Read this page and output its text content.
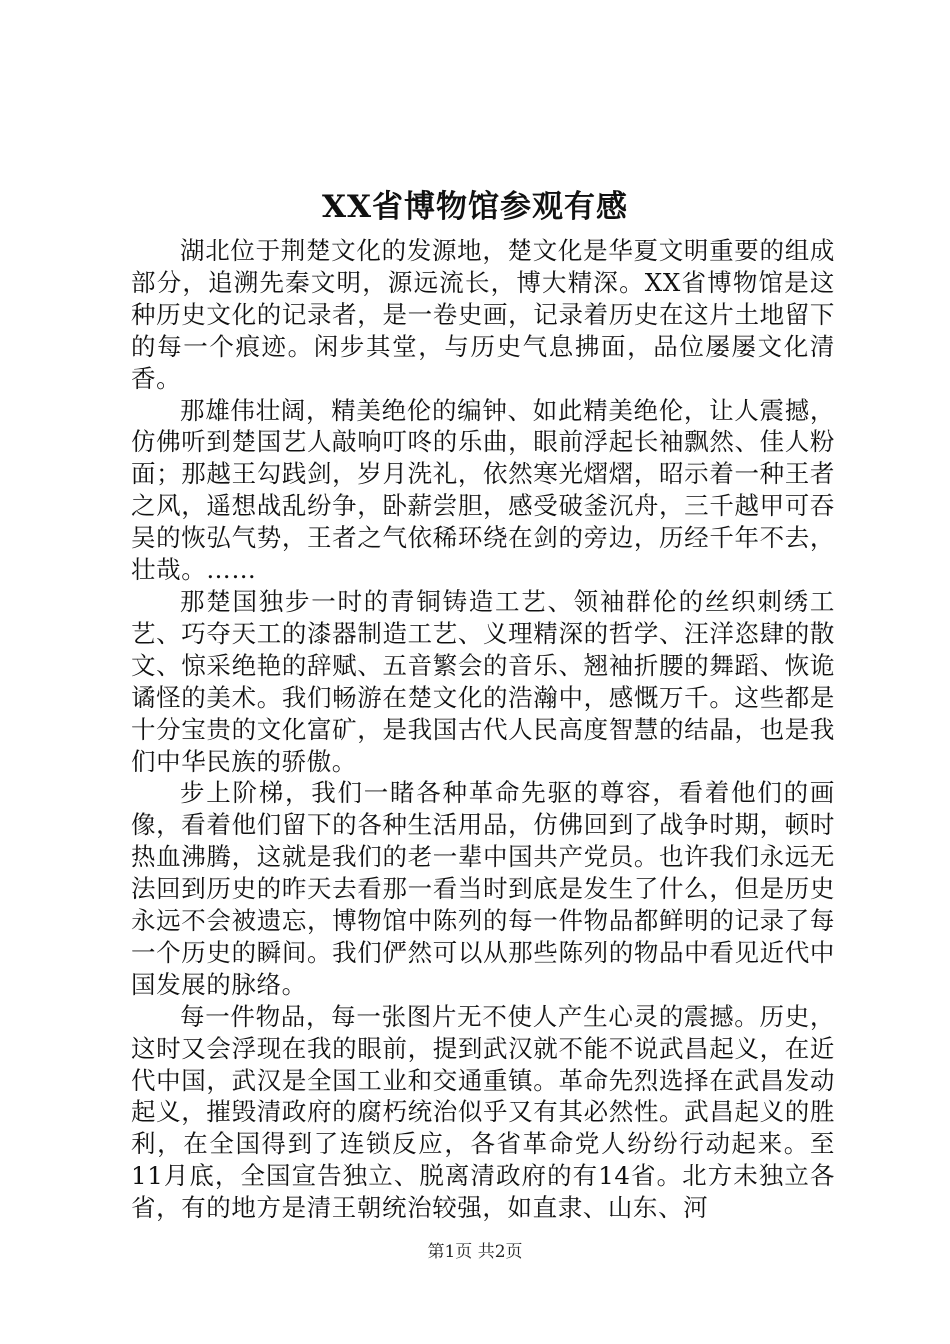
XX省博物馆参观有感

湖北位于荆楚文化的发源地，楚文化是华夏文明重要的组成部分，追溯先秦文明，源远流长，博大精深。XX省博物馆是这种历史文化的记录者，是一卷史画，记录着历史在这片土地留下的每一个痕迹。闲步其堂，与历史气息拂面，品位屡屡文化清香。

那雄伟壮阔，精美绝伦的编钟、如此精美绝伦，让人震撼，仿佛听到楚国艺人敲响叮咚的乐曲，眼前浮起长袖飘然、佳人粉面；那越王勾践剑，岁月洗礼，依然寒光熠熠，昭示着一种王者之风，遥想战乱纷争，卧薪尝胆，感受破釜沉舟，三千越甲可吞吴的恢弘气势，王者之气依稀环绕在剑的旁边，历经千年不去，壮哉。……

那楚国独步一时的青铜铸造工艺、领袖群伦的丝织刺绣工艺、巧夺天工的漆器制造工艺、义理精深的哲学、汪洋恣肆的散文、惊采绝艳的辞赋、五音繁会的音乐、翘袖折腰的舞蹈、恢诡谲怪的美术。我们畅游在楚文化的浩瀚中，感慨万千。这些都是十分宝贵的文化富矿，是我国古代人民高度智慧的结晶，也是我们中华民族的骄傲。

步上阶梯，我们一睹各种革命先驱的尊容，看着他们的画像，看着他们留下的各种生活用品，仿佛回到了战争时期，顿时热血沸腾，这就是我们的老一辈中国共产党员。也许我们永远无法回到历史的昨天去看那一看当时到底是发生了什么，但是历史永远不会被遗忘，博物馆中陈列的每一件物品都鲜明的记录了每一个历史的瞬间。我们俨然可以从那些陈列的物品中看见近代中国发展的脉络。

每一件物品，每一张图片无不使人产生心灵的震撼。历史，这时又会浮现在我的眼前，提到武汉就不能不说武昌起义，在近代中国，武汉是全国工业和交通重镇。革命先烈选择在武昌发动起义，摧毁清政府的腐朽统治似乎又有其必然性。武昌起义的胜利，在全国得到了连锁反应，各省革命党人纷纷行动起来。至11月底，全国宣告独立、脱离清政府的有14省。北方未独立各省，有的地方是清王朝统治较强，如直隶、山东、河

第1页 共2页
